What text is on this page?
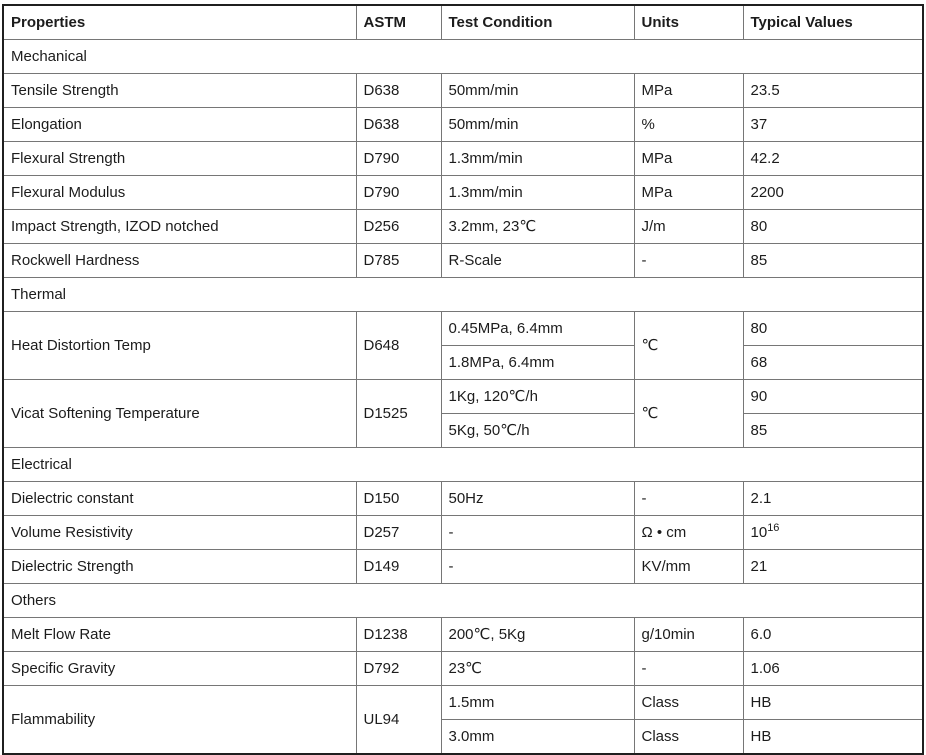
Properties	ASTM	Test Condition	Units	Typical Values
Mechanical				
Tensile Strength	D638	50mm/min	MPa	23.5
Elongation	D638	50mm/min	%	37
Flexural Strength	D790	1.3mm/min	MPa	42.2
Flexural Modulus	D790	1.3mm/min	MPa	2200
Impact Strength, IZOD notched	D256	3.2mm, 23℃	J/m	80
Rockwell Hardness	D785	R-Scale	-	85
Thermal				
Heat Distortion Temp	D648	0.45MPa, 6.4mm	℃	80
		1.8MPa, 6.4mm		68
Vicat Softening Temperature	D1525	1Kg, 120℃/h	℃	90
		5Kg, 50℃/h		85
Electrical				
Dielectric constant	D150	50Hz	-	2.1
Volume Resistivity	D257	-	Ω • cm	$10^{16}$
Dielectric Strength	D149	-	KV/mm	21
Others				
Melt Flow Rate	D1238	200℃, 5Kg	g/10min	6.0
Specific Gravity	D792	23℃	-	1.06
Flammability	UL94	1.5mm	Class	HB
		3.0mm	Class	HB
